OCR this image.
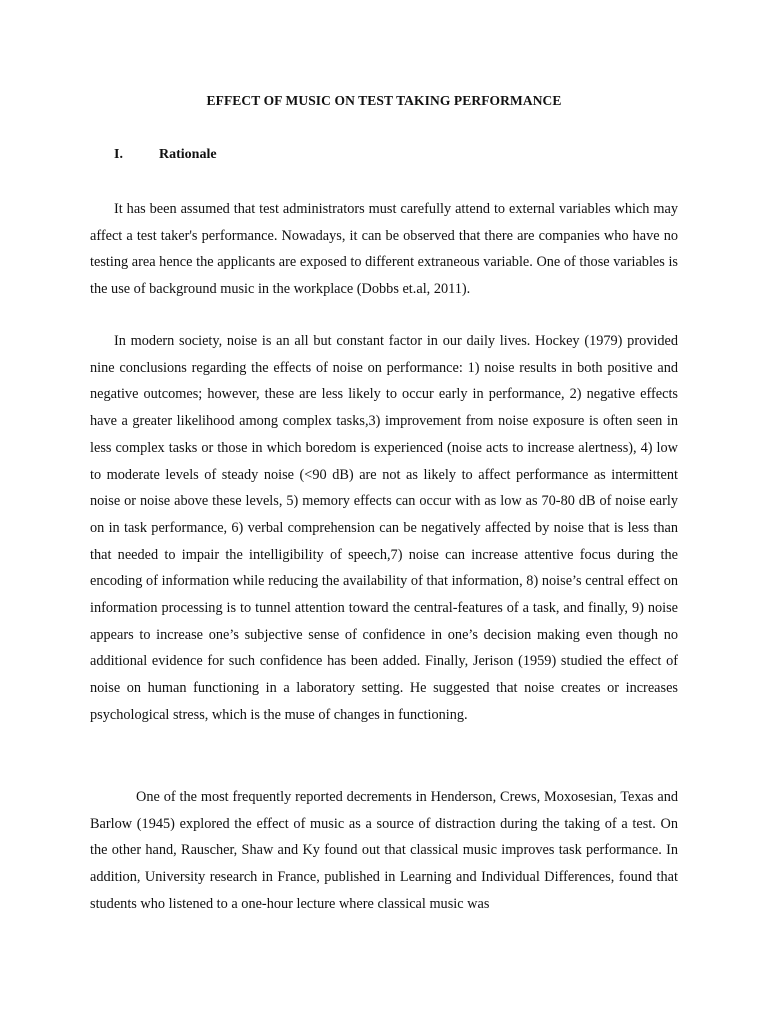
EFFECT OF MUSIC ON TEST TAKING PERFORMANCE
I.	Rationale

It has been assumed that test administrators must carefully attend to external variables which may affect a test taker's performance. Nowadays, it can be observed that there are companies who have no testing area hence the applicants are exposed to different extraneous variable. One of those variables is the use of background music in the workplace (Dobbs et.al, 2011).

In modern society, noise is an all but constant factor in our daily lives. Hockey (1979) provided nine conclusions regarding the effects of noise on performance: 1) noise results in both positive and negative outcomes; however, these are less likely to occur early in performance, 2) negative effects have a greater likelihood among complex tasks,3) improvement from noise exposure is often seen in less complex tasks or those in which boredom is experienced (noise acts to increase alertness), 4) low to moderate levels of steady noise (<90 dB) are not as likely to affect performance as intermittent noise or noise above these levels, 5) memory effects can occur with as low as 70-80 dB of noise early on in task performance, 6) verbal comprehension can be negatively affected by noise that is less than that needed to impair the intelligibility of speech,7) noise can increase attentive focus during the encoding of information while reducing the availability of that information, 8) noise’s central effect on information processing is to tunnel attention toward the central-features of a task, and finally, 9) noise appears to increase one’s subjective sense of confidence in one’s decision making even though no additional evidence for such confidence has been added. Finally, Jerison (1959) studied the effect of noise on human functioning in a laboratory setting. He suggested that noise creates or increases psychological stress, which is the muse of changes in functioning.

One of the most frequently reported decrements in Henderson, Crews, Moxosesian, Texas and Barlow (1945) explored the effect of music as a source of distraction during the taking of a test. On the other hand, Rauscher, Shaw and Ky found out that classical music improves task performance. In addition, University research in France, published in Learning and Individual Differences, found that students who listened to a one-hour lecture where classical music was
